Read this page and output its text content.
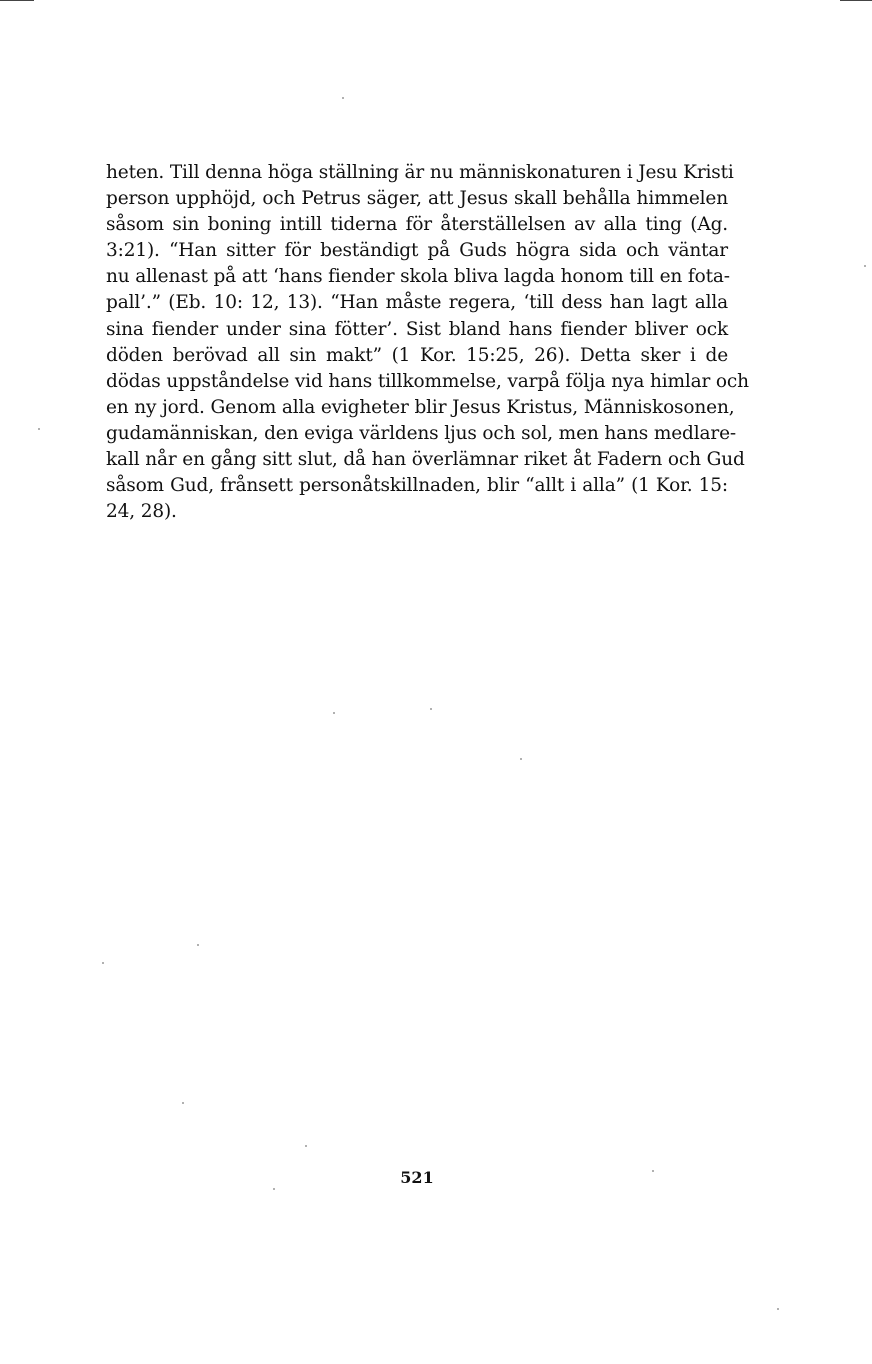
heten. Till denna höga ställning är nu människonaturen i Jesu Kristi
person upphöjd, och Petrus säger, att Jesus skall behålla himmelen
såsom sin boning intill tiderna för återställelsen av alla ting (Ag.
3:21). “Han sitter för beständigt på Guds högra sida och väntar
nu allenast på att ‘hans fiender skola bliva lagda honom till en fota-
pall’.” (Eb. 10: 12, 13). “Han måste regera, ‘till dess han lagt alla
sina fiender under sina fötter’. Sist bland hans fiender bliver ock
döden berövad all sin makt” (1 Kor. 15:25, 26). Detta sker i de
dödas uppståndelse vid hans tillkommelse, varpå följa nya himlar och
en ny jord. Genom alla evigheter blir Jesus Kristus, Människosonen,
gudamänniskan, den eviga världens ljus och sol, men hans medlare-
kall når en gång sitt slut, då han överlämnar riket åt Fadern och Gud
såsom Gud, frånsett personåtskillnaden, blir “allt i alla” (1 Kor. 15:
24, 28).
521
